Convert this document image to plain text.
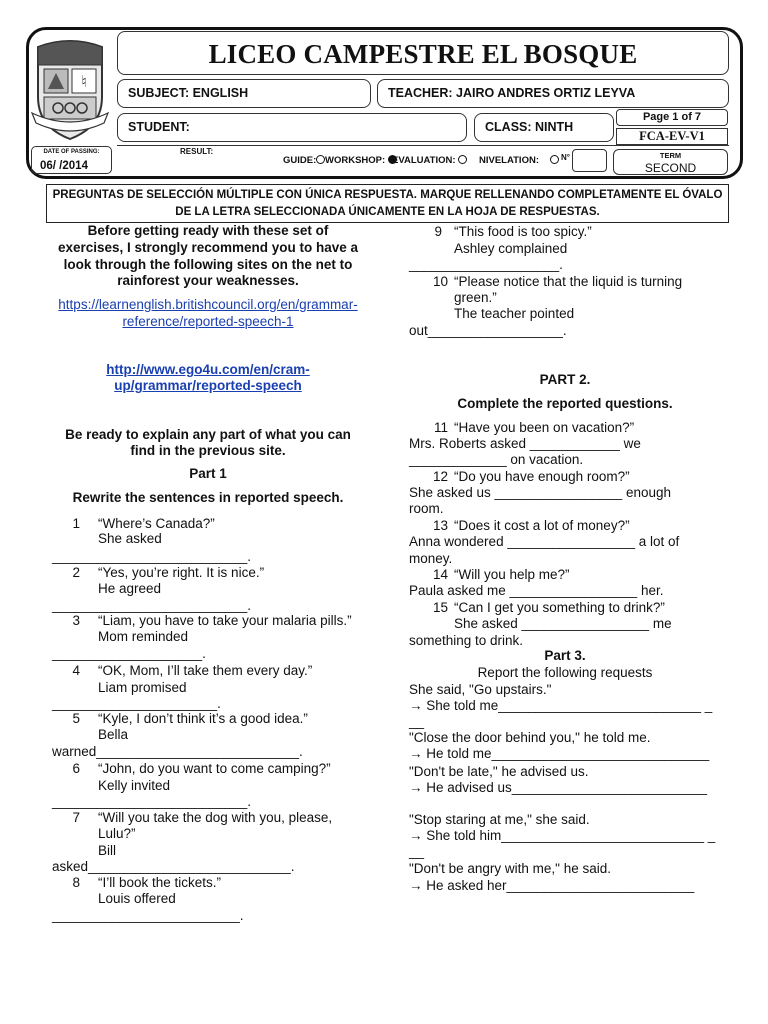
♮
LICEO CAMPESTRE EL BOSQUE
SUBJECT: ENGLISH	TEACHER: JAIRO ANDRES ORTIZ LEYVA
STUDENT:	CLASS: NINTH
Page 1 of 7
FCA-EV-V1
DATE OF PASSING:
06/ /2014
RESULT:
GUIDE: WORKSHOP: EVALUATION:	NIVELATION:	N°	TERM
SECOND
PREGUNTAS DE SELECCIÓN MÚLTIPLE CON ÚNICA RESPUESTA. MARQUE RELLENANDO COMPLETAMENTE EL ÓVALO
DE LA LETRA SELECCIONADA ÚNICAMENTE EN LA HOJA DE RESPUESTAS.
Before getting ready with these set of
exercises, I strongly recommend you to have a
look through the following sites on the net to
rainforest your weaknesses.
https://learnenglish.britishcouncil.org/en/grammar-
reference/reported-speech-1
http://www.ego4u.com/en/cram-
up/grammar/reported-speech
Be ready to explain any part of what you can
find in the previous site.
Part 1
Rewrite the sentences in reported speech.
1 “Where’s Canada?”
She asked
__________________________.
2 “Yes, you’re right. It is nice.”
He agreed
__________________________.
3 “Liam, you have to take your malaria pills.”
Mom reminded
____________________.
4 “OK, Mom, I’ll take them every day.”
Liam promised
______________________.
5 “Kyle, I don’t think it’s a good idea.”
Bella
warned___________________________.
6 “John, do you want to come camping?”
Kelly invited
__________________________.
7 “Will you take the dog with you, please,
Lulu?”
Bill
asked___________________________.
8 “I’ll book the tickets.”
Louis offered
_________________________.
9 “This food is too spicy.”
Ashley complained
____________________.
10 “Please notice that the liquid is turning
green.”
The teacher pointed
out__________________.
PART 2.
Complete the reported questions.
11 “Have you been on vacation?”
Mrs. Roberts asked ____________ we
_____________ on vacation.
12 “Do you have enough room?”
She asked us _________________ enough
room.
13 “Does it cost a lot of money?”
Anna wondered _________________ a lot of
money.
14 “Will you help me?”
Paula asked me _________________ her.
15 “Can I get you something to drink?”
She asked _________________ me
something to drink.
Part 3.
Report the following requests
She said, "Go upstairs."
→ She told me___________________________ _
__
"Close the door behind you," he told me.
→ He told me_____________________________
"Don't be late," he advised us.
→ He advised us__________________________
"Stop staring at me," she said.
→ She told him___________________________ _
__
"Don't be angry with me," he said.
→ He asked her_________________________
